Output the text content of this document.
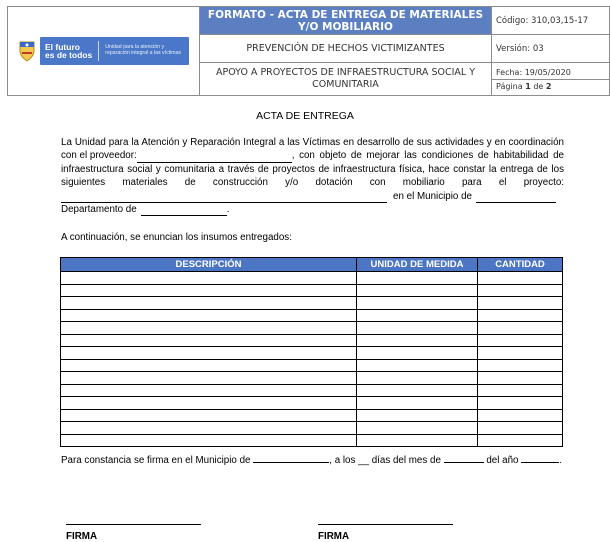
El futuro
es de todos
Unidad para la atención y reparación integral a las víctimas	FORMATO - ACTA DE ENTREGA DE MATERIALES Y/O MOBILIARIO	Código: 310,03,15-17
	PREVENCIÓN DE HECHOS VICTIMIZANTES	Versión: 03
	APOYO A PROYECTOS DE INFRAESTRUCTURA SOCIAL Y COMUNITARIA	Fecha: 19/05/2020
Página 1 de 2
ACTA DE ENTREGA

La Unidad para la Atención y Reparación Integral a las Víctimas en desarrollo de sus actividades y en coordinación

con el proveedor:	, con objeto de mejorar las condiciones de habitabilidad de

infraestructura social y comunitaria a través de proyectos de infraestructura física, hace constar la entrega de los

siguientes materiales de construcción y/o dotación con mobiliario para el proyecto:

en el Municipio de

Departamento de	.

A continuación, se enuncian los insumos entregados:
DESCRIPCIÓN	UNIDAD DE MEDIDA	CANTIDAD

Para constancia se firma en el Municipio de	, a los __ días del mes de	del año	.
FIRMA	FIRMA
